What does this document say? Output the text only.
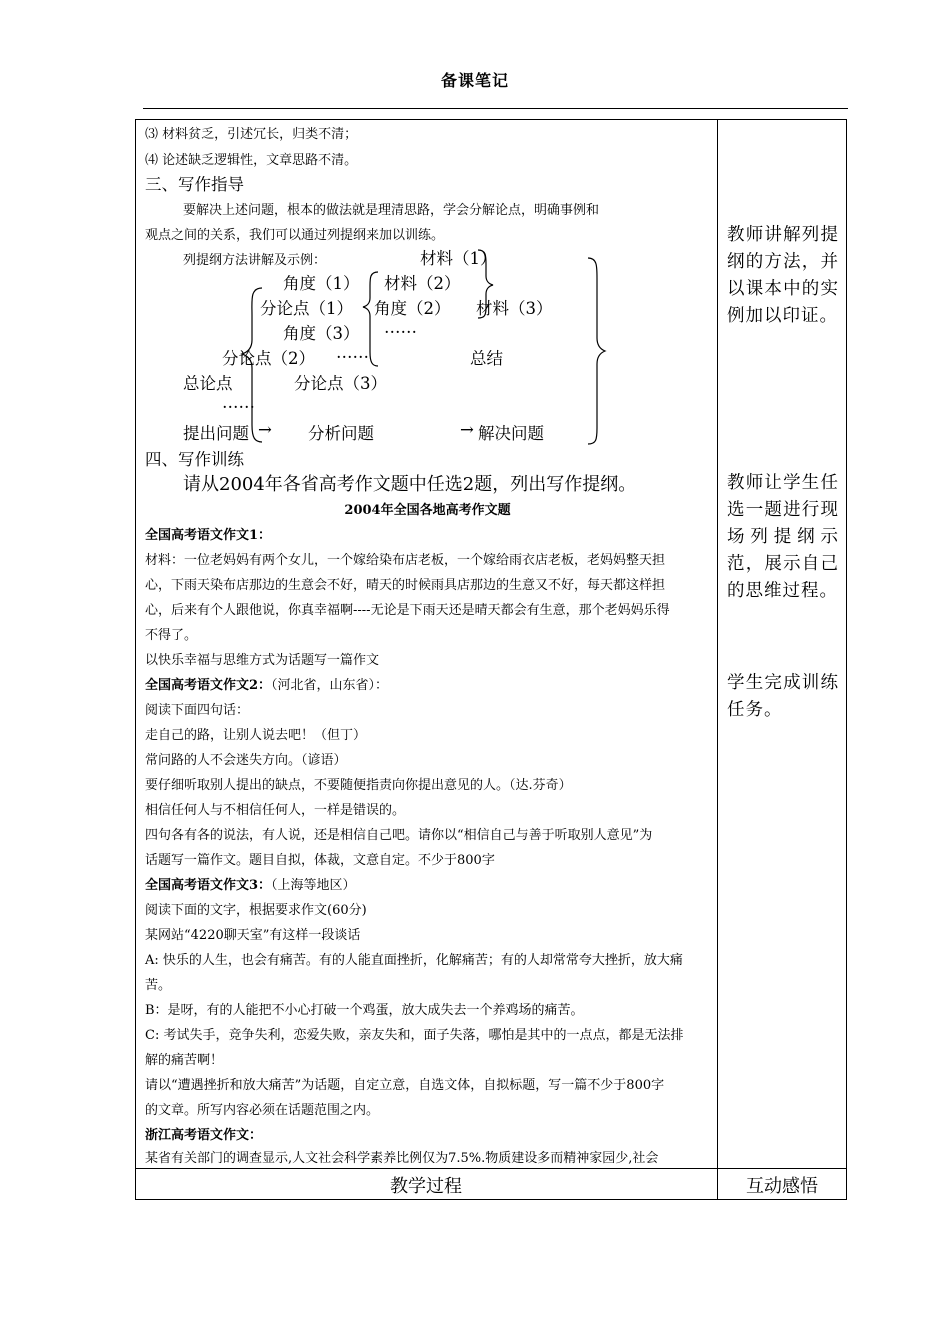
备课笔记
⑶ 材料贫乏，引述冗长，归类不清；
⑷ 论述缺乏逻辑性，文章思路不清。
三、写作指导
要解决上述问题，根本的做法就是理清思路，学会分解论点，明确事例和
观点之间的关系，我们可以通过列提纲来加以训练。
列提纲方法讲解及示例：	材料（1）
角度（1） 材料（2）
分论点（1） 角度（2） 材料（3）
角度（3） ……
分论点（2） ……	总结
总论点	分论点（3）
……
提出问题 → 分析问题	→ 解决问题
四、写作训练
请从2004年各省高考作文题中任选2题，列出写作提纲。
2004年全国各地高考作文题
全国高考语文作文1：
材料：一位老妈妈有两个女儿，一个嫁给染布店老板，一个嫁给雨衣店老板，老妈妈整天担
心，下雨天染布店那边的生意会不好，晴天的时候雨具店那边的生意又不好，每天都这样担
心，后来有个人跟他说，你真幸福啊----无论是下雨天还是晴天都会有生意，那个老妈妈乐得
不得了。
以快乐幸福与思维方式为话题写一篇作文
全国高考语文作文2：（河北省，山东省）：
阅读下面四句话：
走自己的路，让别人说去吧！（但丁）
常问路的人不会迷失方向。（谚语）
要仔细听取别人提出的缺点，不要随便指责向你提出意见的人。（达.芬奇）
相信任何人与不相信任何人，一样是错误的。
四句各有各的说法，有人说，还是相信自己吧。请你以“相信自己与善于听取别人意见”为
话题写一篇作文。题目自拟，体裁，文意自定。不少于800字
全国高考语文作文3：（上海等地区）
阅读下面的文字，根据要求作文(60分)
某网站“4220聊天室”有这样一段谈话
A: 快乐的人生，也会有痛苦。有的人能直面挫折，化解痛苦；有的人却常常夸大挫折，放大痛
苦。
B：是呀，有的人能把不小心打破一个鸡蛋，放大成失去一个养鸡场的痛苦。
C: 考试失手，竞争失利，恋爱失败，亲友失和，面子失落，哪怕是其中的一点点，都是无法排
解的痛苦啊！
请以“遭遇挫折和放大痛苦”为话题，自定立意，自选文体，自拟标题，写一篇不少于800字
的文章。所写内容必须在话题范围之内。
浙江高考语文作文：
某省有关部门的调查显示,人文社会科学素养比例仅为7.5%.物质建设多而精神家园少,社会
教师讲解列提纲的方法，并以课本中的实例加以印证。
教师让学生任选一题进行现场列提纲示范，展示自己的思维过程。
学生完成训练任务。
教学过程	互动感悟
